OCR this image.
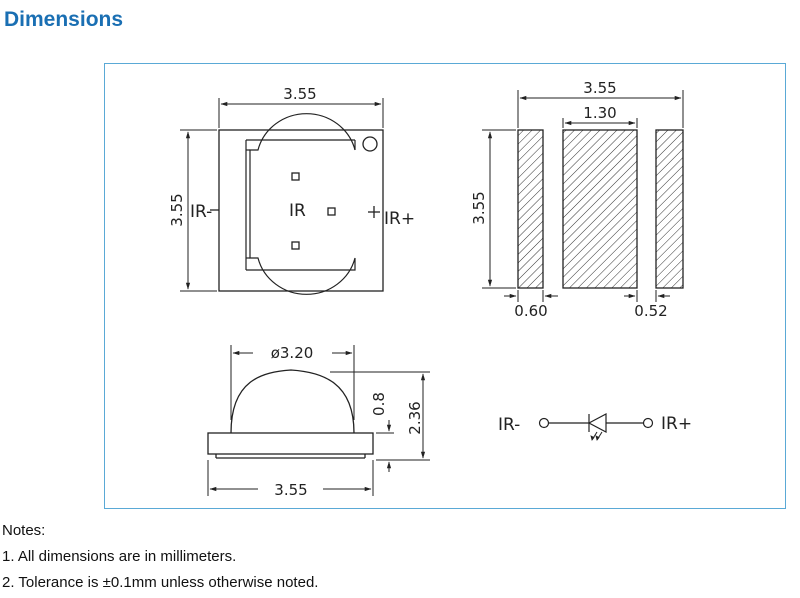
Dimensions
3.55
3.55 IR-	IR	IR+
3.55
1.30
3.55
0.60	0.52
ø3.20
3.55
0.8 2.36	IR-	IR+
Notes:
1. All dimensions are in millimeters.
2. Tolerance is ±0.1mm unless otherwise noted.
